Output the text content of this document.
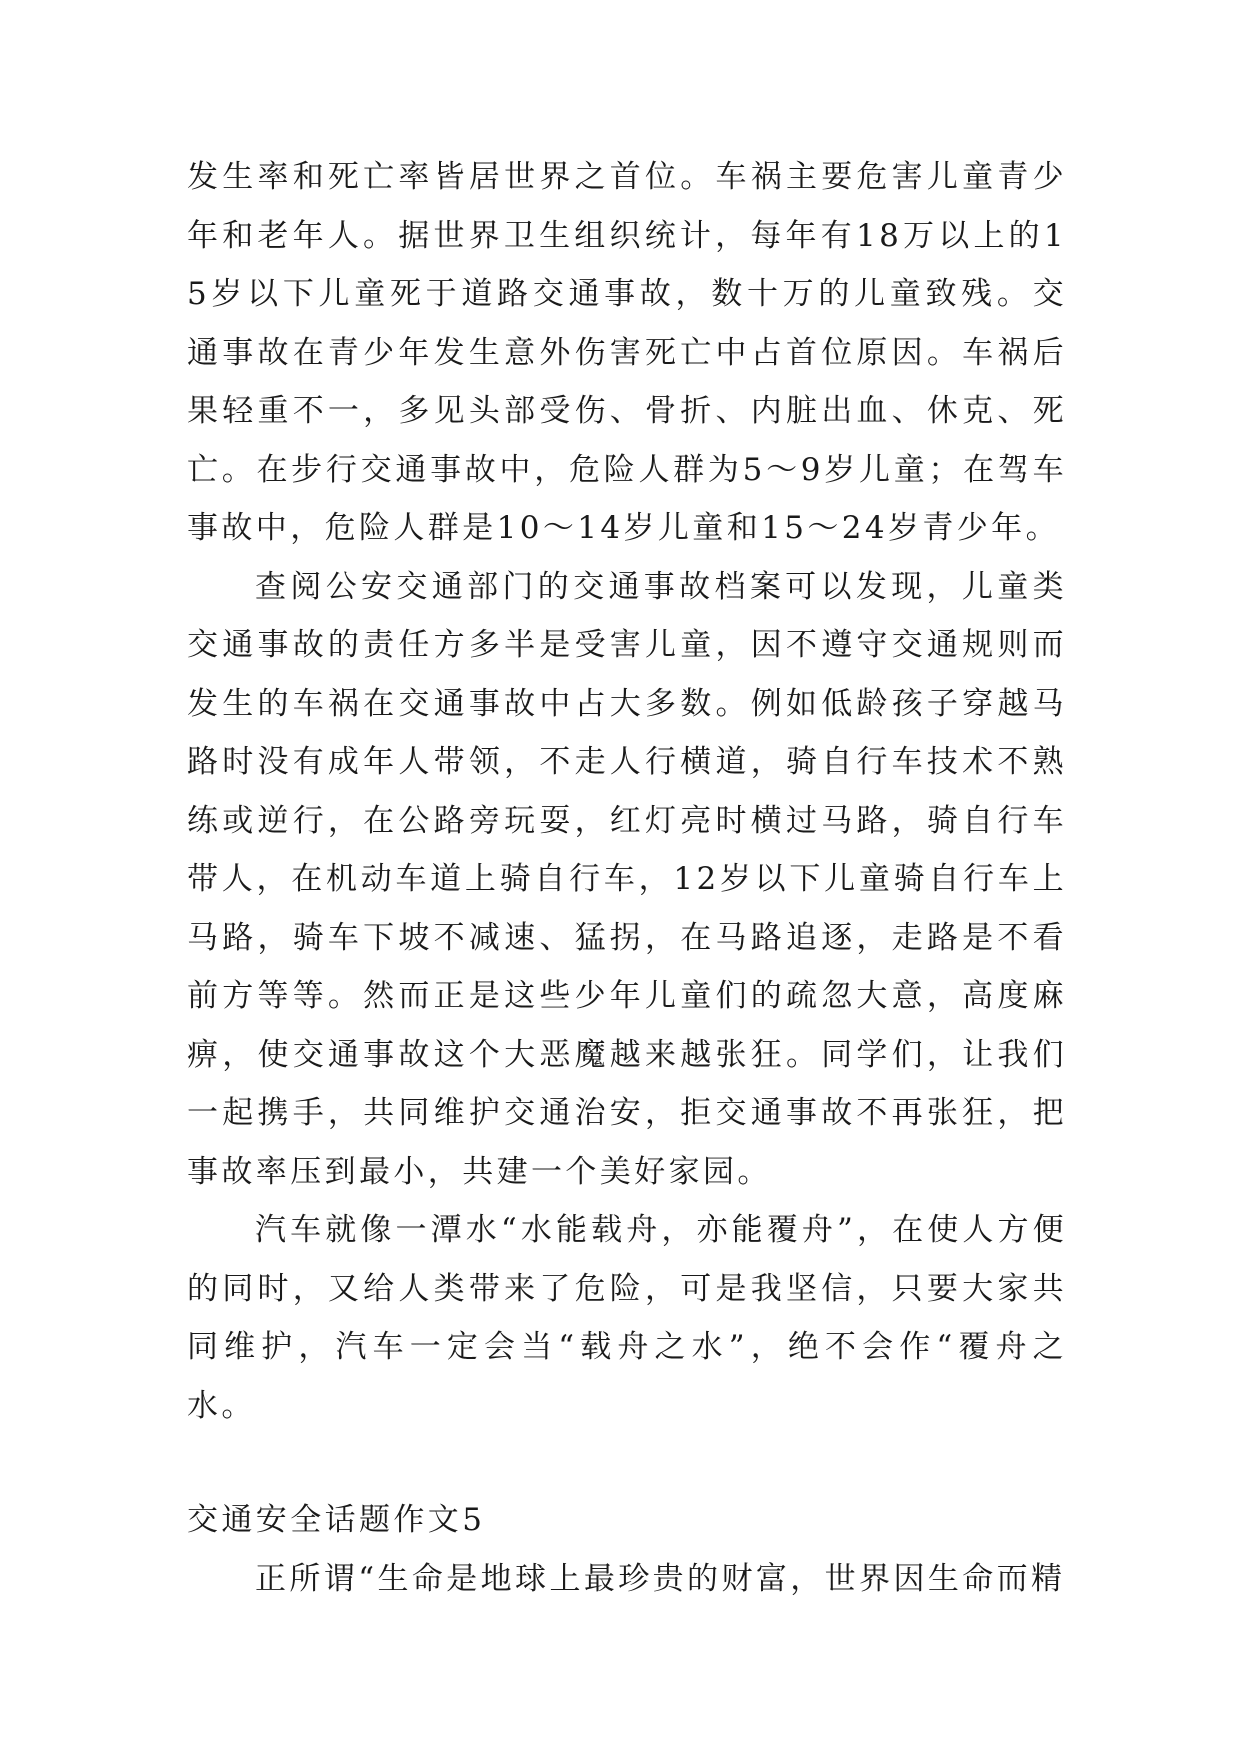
发生率和死亡率皆居世界之首位。车祸主要危害儿童青少年和老年人。据世界卫生组织统计，每年有18万以上的15岁以下儿童死于道路交通事故，数十万的儿童致残。交通事故在青少年发生意外伤害死亡中占首位原因。车祸后果轻重不一，多见头部受伤、骨折、内脏出血、休克、死亡。在步行交通事故中，危险人群为5～9岁儿童；在驾车事故中，危险人群是10～14岁儿童和15～24岁青少年。

查阅公安交通部门的交通事故档案可以发现，儿童类交通事故的责任方多半是受害儿童，因不遵守交通规则而发生的车祸在交通事故中占大多数。例如低龄孩子穿越马路时没有成年人带领，不走人行横道，骑自行车技术不熟练或逆行，在公路旁玩耍，红灯亮时横过马路，骑自行车带人，在机动车道上骑自行车，12岁以下儿童骑自行车上马路，骑车下坡不减速、猛拐，在马路追逐，走路是不看前方等等。然而正是这些少年儿童们的疏忽大意，高度麻痹，使交通事故这个大恶魔越来越张狂。同学们，让我们一起携手，共同维护交通治安，拒交通事故不再张狂，把事故率压到最小，共建一个美好家园。

汽车就像一潭水“水能载舟，亦能覆舟”，在使人方便的同时，又给人类带来了危险，可是我坚信，只要大家共同维护，汽车一定会当“载舟之水”，绝不会作“覆舟之水。

交通安全话题作文5

正所谓“生命是地球上最珍贵的财富，世界因生命而精
